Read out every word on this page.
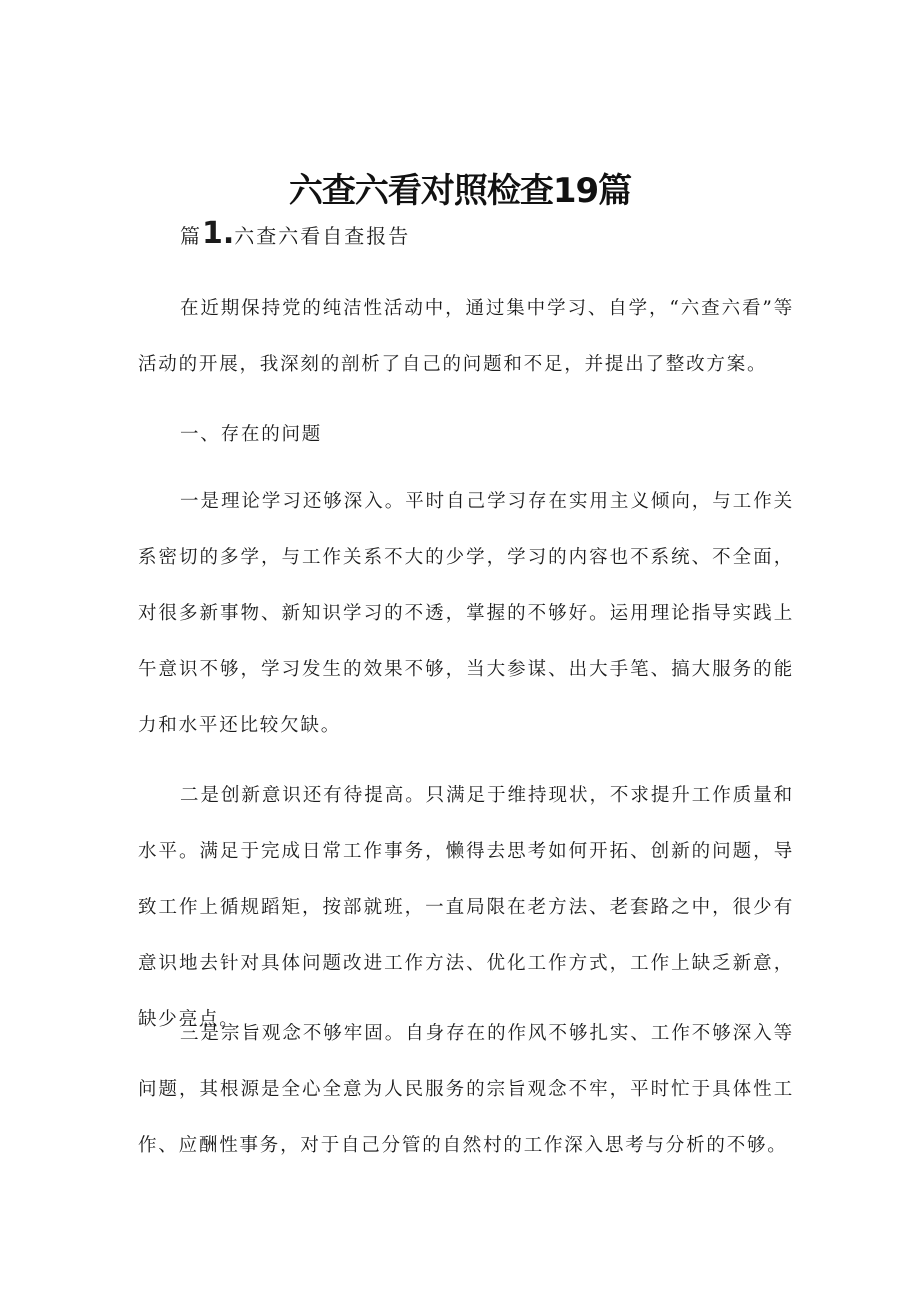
六查六看对照检查19篇
篇1.六查六看自查报告

在近期保持党的纯洁性活动中，通过集中学习、自学，“六查六看”等活动的开展，我深刻的剖析了自己的问题和不足，并提出了整改方案。

一、存在的问题

一是理论学习还够深入。平时自己学习存在实用主义倾向，与工作关系密切的多学，与工作关系不大的少学，学习的内容也不系统、不全面，对很多新事物、新知识学习的不透，掌握的不够好。运用理论指导实践上午意识不够，学习发生的效果不够，当大参谋、出大手笔、搞大服务的能力和水平还比较欠缺。

二是创新意识还有待提高。只满足于维持现状，不求提升工作质量和水平。满足于完成日常工作事务，懒得去思考如何开拓、创新的问题，导致工作上循规蹈矩，按部就班，一直局限在老方法、老套路之中，很少有意识地去针对具体问题改进工作方法、优化工作方式，工作上缺乏新意，缺少亮点。

三是宗旨观念不够牢固。自身存在的作风不够扎实、工作不够深入等问题，其根源是全心全意为人民服务的宗旨观念不牢，平时忙于具体性工作、应酬性事务，对于自己分管的自然村的工作深入思考与分析的不够。
